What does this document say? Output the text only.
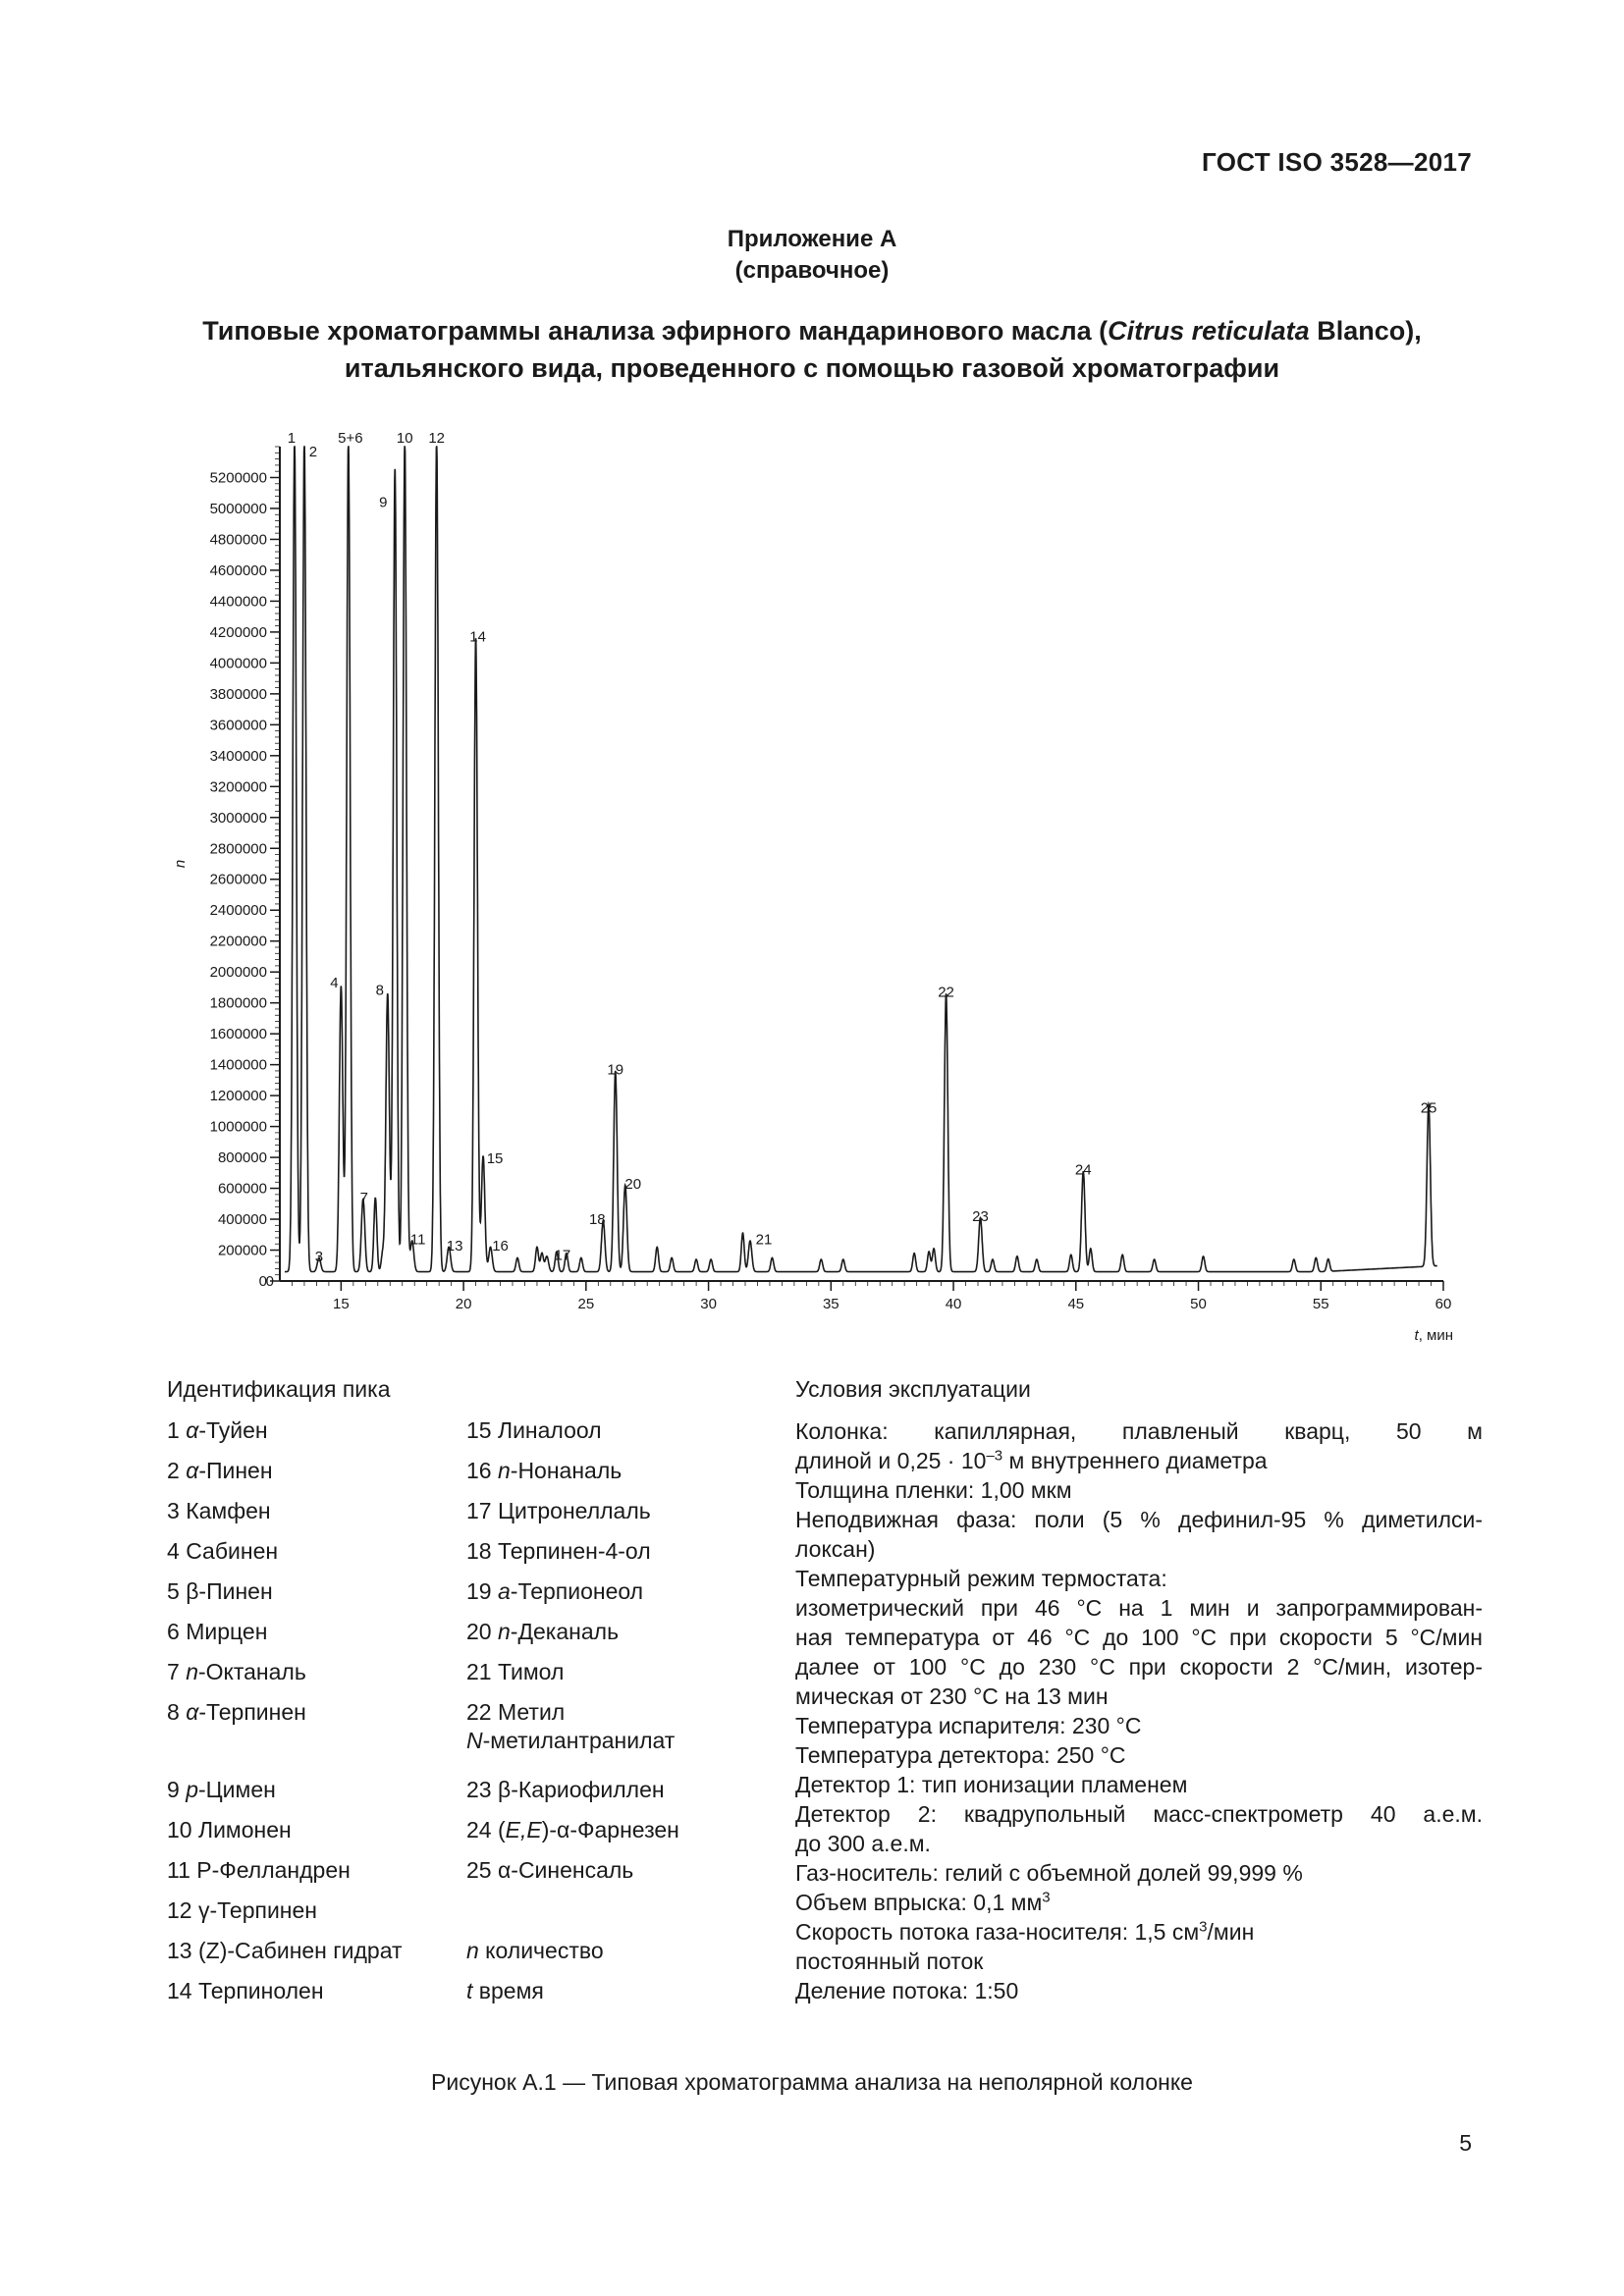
ГОСТ ISO 3528—2017
Приложение А
(справочное)
Типовые хроматограммы анализа эфирного мандаринового масла (Citrus reticulata Blanco),
итальянского вида, проведенного с помощью газовой хроматографии
0
200000
400000
600000
800000
1000000
1200000
1400000
1600000
1800000
2000000
2200000
2400000
2600000
2800000
3000000
3200000
3400000
3600000
3800000
4000000
4200000
4400000
4600000
4800000
5000000
5200000
15	20	25	30	35	40	45	50	55	60
0
t, мин
n
1
2
3
4
5+6
7
8
9
10
11
12
13
14
15
16
17
18
19
20
21
22
23
24
25
Идентификация пика	Условия эксплуатации
1 α-Туйен
2 α-Пинен
3 Камфен
4 Сабинен
5 β-Пинен
6 Мирцен
7 n-Октаналь
8 α-Терпинен
9 p-Цимен
10 Лимонен
11 Р-Фелландрен
12 γ-Терпинен
13 (Z)-Сабинен гидрат
14 Терпинолен
15 Линалоол
16 n-Нонаналь
17 Цитронеллаль
18 Терпинен-4-ол
19 a-Терпионеол
20 n-Деканаль
21 Тимол
22 Метил
N-метилантранилат
23 β-Кариофиллен
24 (E,E)-α-Фарнезен
25 α-Синенсаль
n количество
t время
Колонка: капиллярная, плавленый кварц, 50 м
длиной и $0,25 \cdot 10^{-3}$ м внутреннего диаметра
Толщина пленки: 1,00 мкм
Неподвижная фаза: поли (5 % дефинил-95 % диметилси-
локсан)
Температурный режим термостата:
изометрический при 46 °С на 1 мин и запрограммирован-
ная температура от 46 °С до 100 °С при скорости 5 °С/мин
далее от 100 °С до 230 °С при скорости 2 °С/мин, изотер-
мическая от 230 °С на 13 мин
Температура испарителя: 230 °С
Температура детектора: 250 °С
Детектор 1: тип ионизации пламенем
Детектор 2: квадрупольный масс-спектрометр 40 а.е.м.
до 300 а.е.м.
Газ-носитель: гелий с объемной долей 99,999 %
Объем впрыска: 0,1 $мм^3$
Скорость потока газа-носителя: 1,5 $см^3$/мин
постоянный поток
Деление потока: 1:50
Рисунок А.1 — Типовая хроматограмма анализа на неполярной колонке
5
